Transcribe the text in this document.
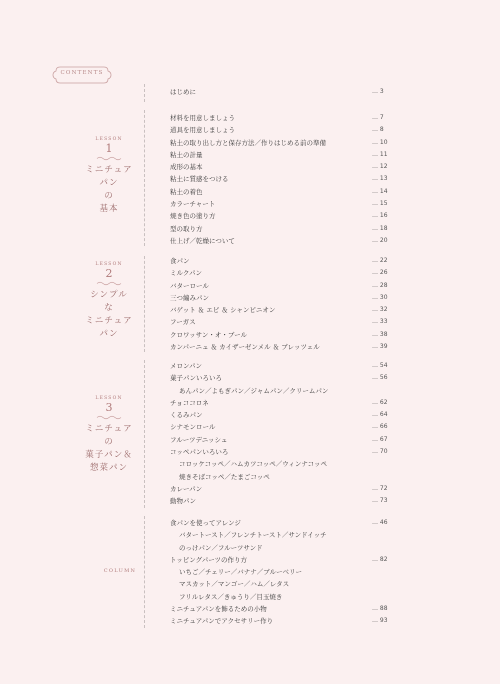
CONTENTS
LESSON
1
ミニチュア
パン
の
基本
LESSON
2
シンプル
な
ミニチュア
パン
LESSON
3
ミニチュア
の
菓子パン＆
惣菜パン
COLUMN
はじめに	… 3
材料を用意しましょう	… 7
道具を用意しましょう	… 8
粘土の取り出し方と保存方法／作りはじめる前の準備	… 10
粘土の計量	… 11
成形の基本	… 12
粘土に質感をつける	… 13
粘土の着色	… 14
カラーチャート	… 15
焼き色の塗り方	… 16
型の取り方	… 18
仕上げ／乾燥について	… 20
食パン	… 22
ミルクパン	… 26
バターロール	… 28
三つ編みパン	… 30
バゲット ＆ エピ ＆ シャンピニオン	… 32
フーガス	… 33
クロワッサン・オ・ブール	… 38
カンパーニュ ＆ カイザーゼンメル ＆ ブレッツェル	… 39
メロンパン	… 54
菓子パンいろいろ	… 56
あんパン／よもぎパン／ジャムパン／クリームパン
チョココロネ	… 62
くるみパン	… 64
シナモンロール	… 66
フルーツデニッシュ	… 67
コッペパンいろいろ	… 70
コロッケコッペ／ハムカツコッペ／ウィンナコッペ
焼きそばコッペ／たまごコッペ
カレーパン	… 72
動物パン	… 73
食パンを使ってアレンジ	… 46
バタートースト／フレンチトースト／サンドイッチ
のっけパン／フルーツサンド
トッピングパーツの作り方	… 82
いちご／チェリー／バナナ／ブルーベリー
マスカット／マンゴー／ハム／レタス
フリルレタス／きゅうり／目玉焼き
ミニチュアパンを飾るための小物	… 88
ミニチュアパンでアクセサリー作り	… 93
